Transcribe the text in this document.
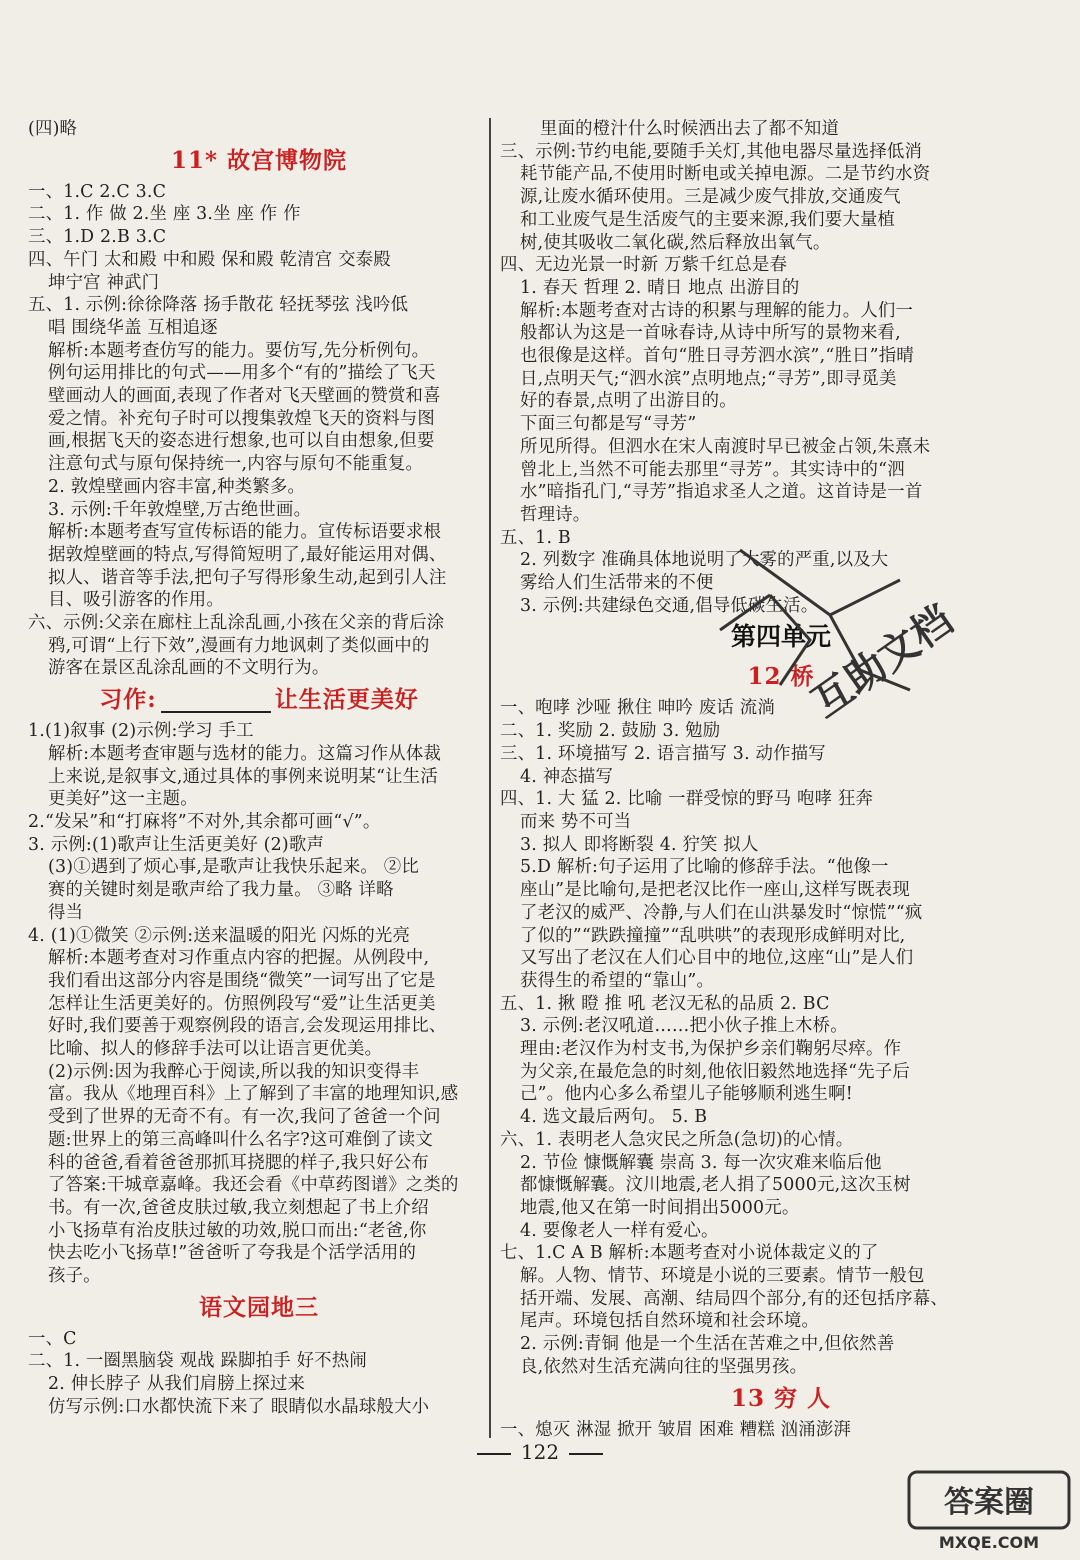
(四)略
11* 故宫博物院
一、1.C 2.C 3.C
二、1. 作 做 2.坐 座 3.坐 座 作 作
三、1.D 2.B 3.C
四、午门 太和殿 中和殿 保和殿 乾清宫 交泰殿
坤宁宫 神武门
五、1. 示例:徐徐降落 扬手散花 轻抚琴弦 浅吟低
唱 围绕华盖 互相追逐
解析:本题考查仿写的能力。要仿写,先分析例句。
例句运用排比的句式——用多个“有的”描绘了飞天
壁画动人的画面,表现了作者对飞天壁画的赞赏和喜
爱之情。补充句子时可以搜集敦煌飞天的资料与图
画,根据飞天的姿态进行想象,也可以自由想象,但要
注意句式与原句保持统一,内容与原句不能重复。
2. 敦煌壁画内容丰富,种类繁多。
3. 示例:千年敦煌壁,万古绝世画。
解析:本题考查写宣传标语的能力。宣传标语要求根
据敦煌壁画的特点,写得简短明了,最好能运用对偶、
拟人、谐音等手法,把句子写得形象生动,起到引人注
目、吸引游客的作用。
六、示例:父亲在廊柱上乱涂乱画,小孩在父亲的背后涂
鸦,可谓“上行下效”,漫画有力地讽刺了类似画中的
游客在景区乱涂乱画的不文明行为。
习作:	让生活更美好
1.(1)叙事 (2)示例:学习 手工
解析:本题考查审题与选材的能力。这篇习作从体裁
上来说,是叙事文,通过具体的事例来说明某“让生活
更美好”这一主题。
2.“发呆”和“打麻将”不对外,其余都可画“√”。
3. 示例:(1)歌声让生活更美好 (2)歌声
(3)①遇到了烦心事,是歌声让我快乐起来。 ②比
赛的关键时刻是歌声给了我力量。 ③略 详略
得当
4. (1)①微笑 ②示例:送来温暖的阳光 闪烁的光亮
解析:本题考查对习作重点内容的把握。从例段中,
我们看出这部分内容是围绕“微笑”一词写出了它是
怎样让生活更美好的。仿照例段写“爱”让生活更美
好时,我们要善于观察例段的语言,会发现运用排比、
比喻、拟人的修辞手法可以让语言更优美。
(2)示例:因为我醉心于阅读,所以我的知识变得丰
富。我从《地理百科》上了解到了丰富的地理知识,感
受到了世界的无奇不有。有一次,我问了爸爸一个问
题:世界上的第三高峰叫什么名字?这可难倒了读文
科的爸爸,看着爸爸那抓耳挠腮的样子,我只好公布
了答案:干城章嘉峰。我还会看《中草药图谱》之类的
书。有一次,爸爸皮肤过敏,我立刻想起了书上介绍
小飞扬草有治皮肤过敏的功效,脱口而出:“老爸,你
快去吃小飞扬草!”爸爸听了夸我是个活学活用的
孩子。
语文园地三
一、C
二、1. 一圈黑脑袋 观战 跺脚拍手 好不热闹
2. 伸长脖子 从我们肩膀上探过来
仿写示例:口水都快流下来了 眼睛似水晶球般大小
里面的橙汁什么时候洒出去了都不知道
三、示例:节约电能,要随手关灯,其他电器尽量选择低消
耗节能产品,不使用时断电或关掉电源。二是节约水资
源,让废水循环使用。三是减少废气排放,交通废气
和工业废气是生活废气的主要来源,我们要大量植
树,使其吸收二氧化碳,然后释放出氧气。
四、无边光景一时新 万紫千红总是春
1. 春天 哲理 2. 晴日 地点 出游目的
解析:本题考查对古诗的积累与理解的能力。人们一
般都认为这是一首咏春诗,从诗中所写的景物来看,
也很像是这样。首句“胜日寻芳泗水滨”,“胜日”指晴
日,点明天气;“泗水滨”点明地点;“寻芳”,即寻觅美
好的春景,点明了出游目的。
下面三句都是写“寻芳”
所见所得。但泗水在宋人南渡时早已被金占领,朱熹未
曾北上,当然不可能去那里“寻芳”。其实诗中的“泗
水”暗指孔门,“寻芳”指追求圣人之道。这首诗是一首
哲理诗。
五、1. B
2. 列数字 准确具体地说明了大雾的严重,以及大
雾给人们生活带来的不便
3. 示例:共建绿色交通,倡导低碳生活。
第四单元
12 桥
一、咆哮 沙哑 揪住 呻吟 废话 流淌
二、1. 奖励 2. 鼓励 3. 勉励
三、1. 环境描写 2. 语言描写 3. 动作描写
4. 神态描写
四、1. 大 猛 2. 比喻 一群受惊的野马 咆哮 狂奔
而来 势不可当
3. 拟人 即将断裂 4. 狞笑 拟人
5.D 解析:句子运用了比喻的修辞手法。“他像一
座山”是比喻句,是把老汉比作一座山,这样写既表现
了老汉的威严、冷静,与人们在山洪暴发时“惊慌”“疯
了似的”“跌跌撞撞”“乱哄哄”的表现形成鲜明对比,
又写出了老汉在人们心目中的地位,这座“山”是人们
获得生的希望的“靠山”。
五、1. 揪 瞪 推 吼 老汉无私的品质 2. BC
3. 示例:老汉吼道……把小伙子推上木桥。
理由:老汉作为村支书,为保护乡亲们鞠躬尽瘁。作
为父亲,在最危急的时刻,他依旧毅然地选择“先子后
己”。他内心多么希望儿子能够顺利逃生啊!
4. 选文最后两句。 5. B
六、1. 表明老人急灾民之所急(急切)的心情。
2. 节俭 慷慨解囊 崇高 3. 每一次灾难来临后他
都慷慨解囊。汶川地震,老人捐了5000元,这次玉树
地震,他又在第一时间捐出5000元。
4. 要像老人一样有爱心。
七、1.C A B 解析:本题考查对小说体裁定义的了
解。人物、情节、环境是小说的三要素。情节一般包
括开端、发展、高潮、结局四个部分,有的还包括序幕、
尾声。环境包括自然环境和社会环境。
2. 示例:青铜 他是一个生活在苦难之中,但依然善
良,依然对生活充满向往的坚强男孩。
13 穷 人
一、熄灭 淋湿 掀开 皱眉 困难 糟糕 汹涌澎湃
122
互助文档
答案圈
MXQE.COM
